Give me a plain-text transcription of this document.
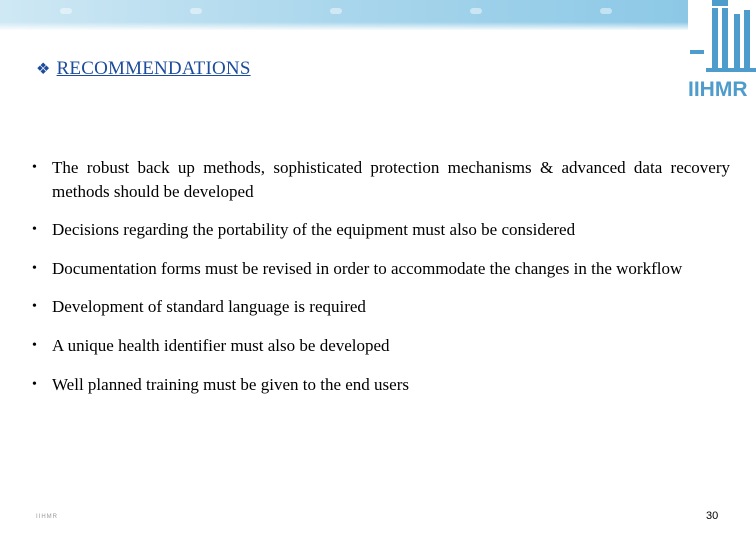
IIHMR
❖ RECOMMENDATIONS
• The robust back up methods, sophisticated protection mechanisms & advanced data recovery methods should be developed
• Decisions regarding the portability of the equipment must also be considered
• Documentation forms must be revised in order to accommodate the changes in the workflow
• Development of standard language is required
• A unique health identifier must also be developed
• Well planned training must be given to the end users
IIHMR	30
